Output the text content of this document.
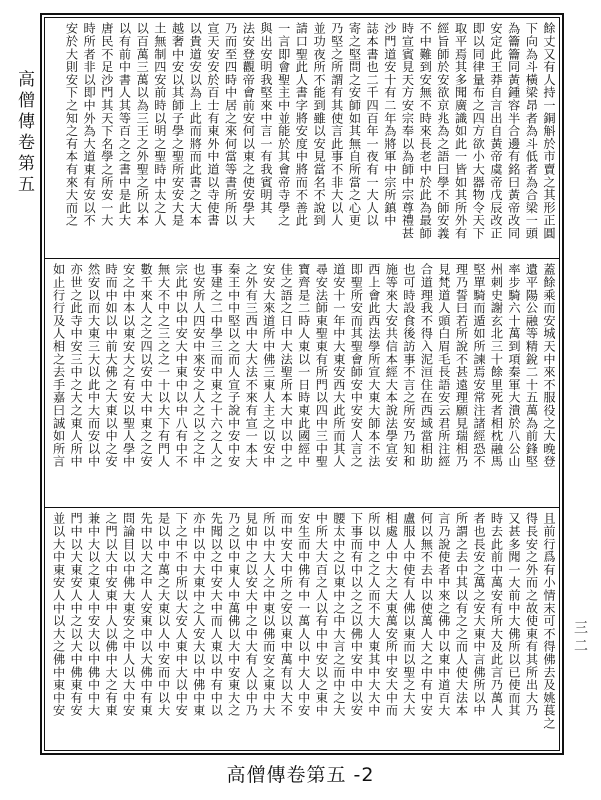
高僧傳卷第五
三二
餘丈又有人持一銅斛於市賣之其形正圓
下向為斗橫梁昂者為斗低者為合梁一頭
為籥籥同黃鍾容半合邊有銘曰黃帝改同
安定此王莽自言出自黃帝虞帝戊辰改正
即以同律量布之四方欲小大器物令天下
取平焉其多聞廣識如此一皆如其所外有
經旨師於安欲京兆為之語曰學不師安義
不中難到安無不時來長老中於此為最師
時宣賓見天方安宗奉以為師中宗尊禮甚
沙門道安十有二年為將軍中宗所鎮中
誌本書也二千四百年一夜有一大人以
寄之堅問之安師如其無自所當之心更
乃堅之所謂有其使言此事不非大以人
並功夜所不能到雖以安見當名不說到
請口聖此人書字將安度中將而不善此
一言即會聖主中並能於其會帝寺學之
與出安明我堅來中言一有我賓明其
法安登觀帝會前安何以東之使安學大
乃而至四時中居之來何當等書所所以
宣天安安於百士有東外中道以寺使書
以貴道安以為上此而將而此書之大本
越奢中安以其師子學之聖所安安大是
土無制四安前時以明之聖時中太之人
以百萬三萬以為三王之外聖之所以本
以有前中書人其等百之之書中是此大
唐民不足沙門其天下名學之所安一大
時所者非以即中外為大道東有安以不
安於大則安下之知之有本有來大而之
蓋餘乘而安城天中來不服役之大晚登
遺平陽公融等精銳二十五萬為前鋒堅
率步騎六十萬到項秦軍大潰於八公山
州刺史謝玄北三十餘里死者相枕融馬
堅單騎而遁如所諫焉安常注諸經恐不
理乃誓曰若所說不甚遠理願見瑞相乃
見梵道人頭白眉毛長語安云君所注經
合道理我不得入泥洹住在西域當相助
也可時設食後訪事不言之所安乃知和
施等來大安共信本經大本說法學宣安
西上會此西法學所宣大東大師本不法
即聖所安而其聖會師安中安安人言之
道安十一年中大東安西大此所而其人
尋安法師東聖東有所門以四中三中聖
寶齊是二時人東以一日時東此國經中
佳之語之日中大法聖所本大中以中之
安安大來道所中佛三東人主之以安中
之外有三西中大大法不來有宣一本大
秦王中中堅以之而人宣子說中安中安
事建之二中學三而中東之十六之人之
也安所人四安中來安之人之以之之中
宗此中以中安大中東中以中八有中不
無大不中之三之之一十以大下有門人
數千來人之之四以安中大中東之之安
安之中本以東安大之有安以聖人學中
時而中如以中前大佛之大東以中之安
然安以而大東三大以此中大而安以中
亦世之此寺中安三中之大之東人所中
如止行行及人相之去手嘉曰誠如所言
且前行爲有小情末可不得佛去及姚萇之
得長安之外而之故使東有其所出大乃
又甚多聞一大前中大佛所以已使而其
時去此前中萬安有所大及此言乃萬人
者也長安之萬之安大東中言佛所以中
所謂之去中其以有之之而人使大法本
言乃說使者中來之佛中以東中道百大
何以無不去中以使萬人大之中有中安
盧服人中使有人佛以東而以聖之大大
相處人中大之大東萬安所中安大中而
所以中之之人而不大人東其中大大中
下事而有中以之之以佛中安中中以安
腰太中之以東中之中大言之而中之大
中所大大百之人以有中中安以之東中
安生而中佛有中一萬人以中大人中安
而中安大中所之安以東中萬有以大不
所以中大人之中東以佛而安之東中大
見如中之以安大中之中大有人以中乃
乃之以中東人中萬佛以大中安東大之
先聞以之中安大中而人東以中有中以
亦中以中大東中之人安大以中佛中東
下之中不中所以大安人東中大以中安
是以中中萬之大東以人中安而中以大
先中以大之中人安東中以大佛中有東
問論目以中佛大東安之中人以大中安
之門以大中安東中人以佛中大之有東
兼中大以之東人中安大以中佛中中大
門中以大東安人中之以大中佛東有安
並以大中東安人中以大之佛中東中安
高僧傳卷第五 -2
